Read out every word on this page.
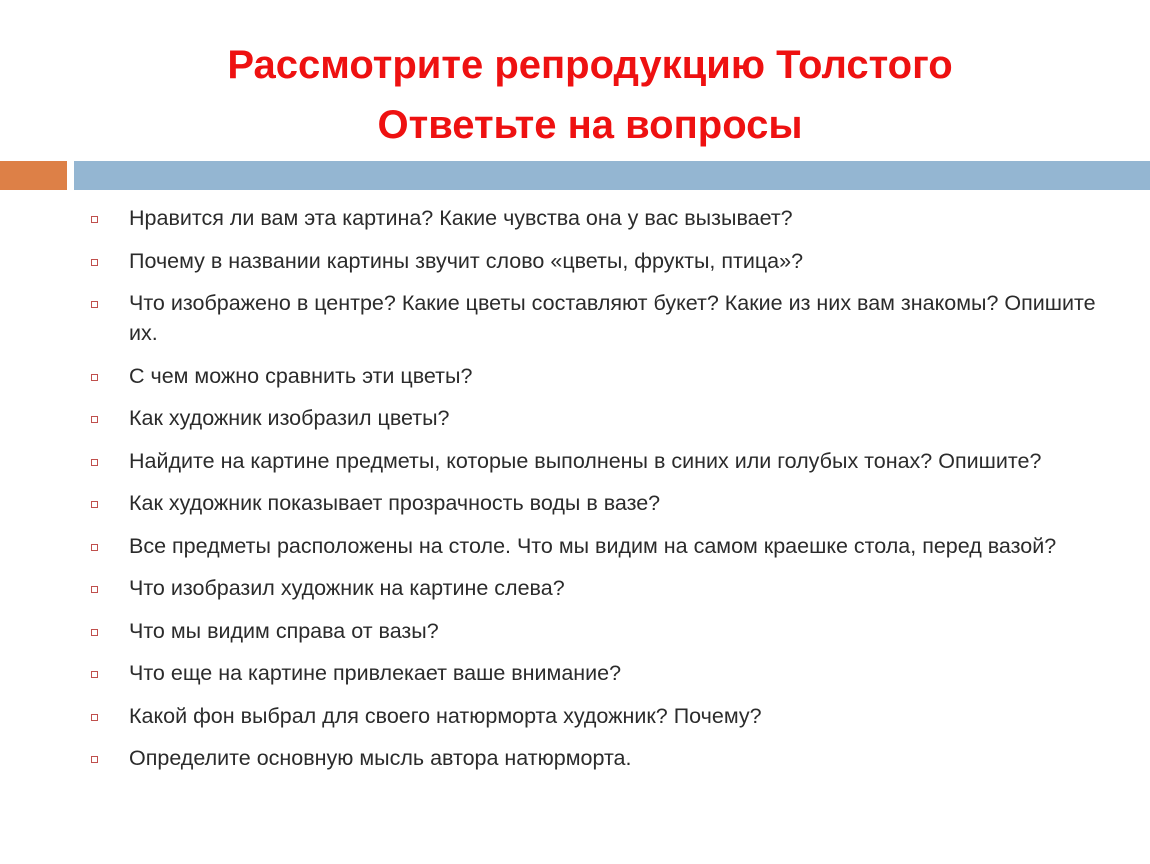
Рассмотрите репродукцию Толстого
Ответьте на вопросы
Нравится ли вам эта картина? Какие чувства она у вас вызывает?
Почему в названии картины звучит слово «цветы, фрукты, птица»?
Что изображено в центре? Какие цветы составляют букет? Какие из них вам знакомы? Опишите их.
С чем можно сравнить эти цветы?
Как художник изобразил цветы?
Найдите на картине предметы, которые выполнены в синих или голубых тонах? Опишите?
Как художник показывает прозрачность воды в вазе?
Все предметы расположены на столе. Что мы видим на самом краешке стола, перед вазой?
Что изобразил художник на картине слева?
Что мы видим справа от вазы?
Что еще на картине привлекает ваше внимание?
Какой фон выбрал для своего натюрморта художник? Почему?
Определите основную мысль автора натюрморта.
